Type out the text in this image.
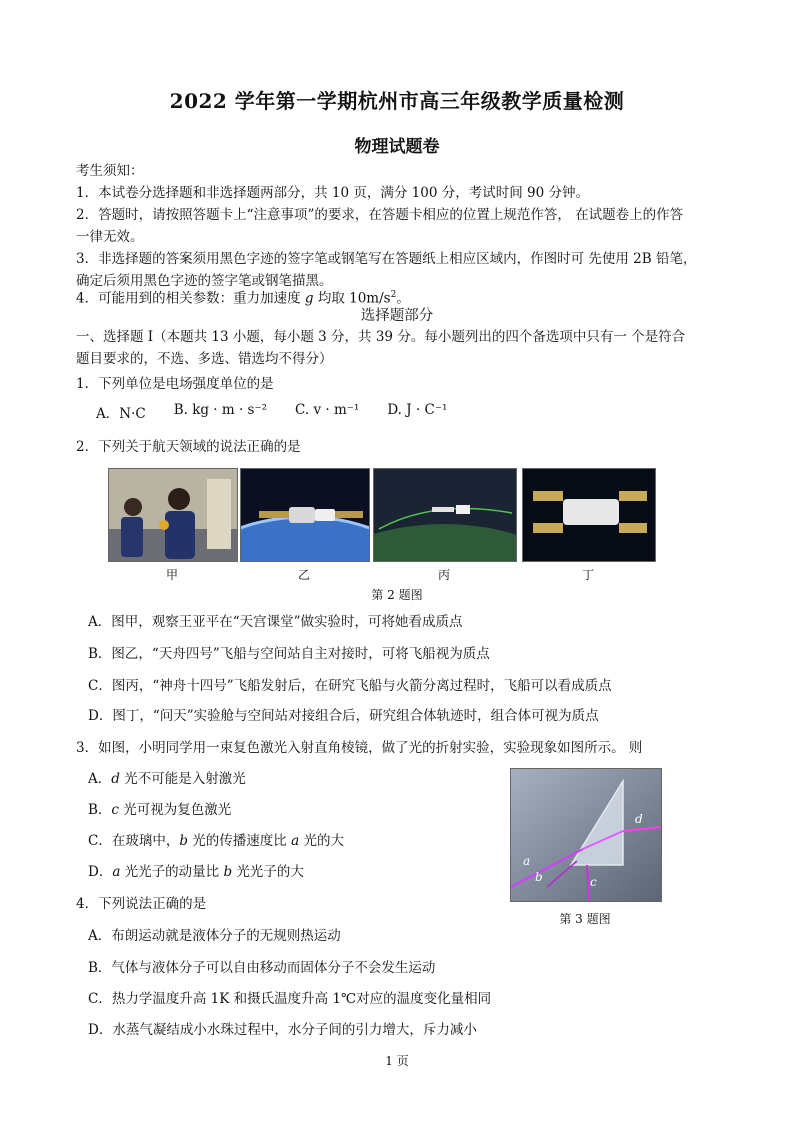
2022 学年第一学期杭州市高三年级教学质量检测
物理试题卷
考生须知：
1．本试卷分选择题和非选择题两部分，共 10 页，满分 100 分，考试时间 90 分钟。
2．答题时，请按照答题卡上“注意事项”的要求，在答题卡相应的位置上规范作答， 在试题卷上的作答
一律无效。
3．非选择题的答案须用黑色字迹的签字笔或钢笔写在答题纸上相应区域内，作图时可 先使用 2B 铅笔，
确定后须用黑色字迹的签字笔或钢笔描黑。
4．可能用到的相关参数：重力加速度 g 均取 $10m/s^2$。
选择题部分
一、选择题 Ⅰ（本题共 13 小题，每小题 3 分，共 39 分。每小题列出的四个备选项中只有一 个是符合
题目要求的，不选、多选、错选均不得分）
1．下列单位是电场强度单位的是
A．N·C B. kg · m · s⁻² C. v · m⁻¹ D. J · C⁻¹
2．下列关于航天领域的说法正确的是
甲	乙	丙	丁
第 2 题图
A．图甲，观察王亚平在“天宫课堂”做实验时，可将她看成质点
B．图乙，“天舟四号”飞船与空间站自主对接时，可将飞船视为质点
C．图丙，“神舟十四号”飞船发射后，在研究飞船与火箭分离过程时，飞船可以看成质点
D．图丁，“问天”实验舱与空间站对接组合后，研究组合体轨迹时，组合体可视为质点
3．如图，小明同学用一束复色激光入射直角棱镜，做了光的折射实验，实验现象如图所示。 则
A．d 光不可能是入射激光
B．c 光可视为复色激光
C．在玻璃中，b 光的传播速度比 a 光的大
D．a 光光子的动量比 b 光光子的大
a
b	c
d
第 3 题图
4．下列说法正确的是
A．布朗运动就是液体分子的无规则热运动
B．气体与液体分子可以自由移动而固体分子不会发生运动
C．热力学温度升高 1K 和摄氏温度升高 1℃对应的温度变化量相同
D．水蒸气凝结成小水珠过程中，水分子间的引力增大，斥力减小
1 页
